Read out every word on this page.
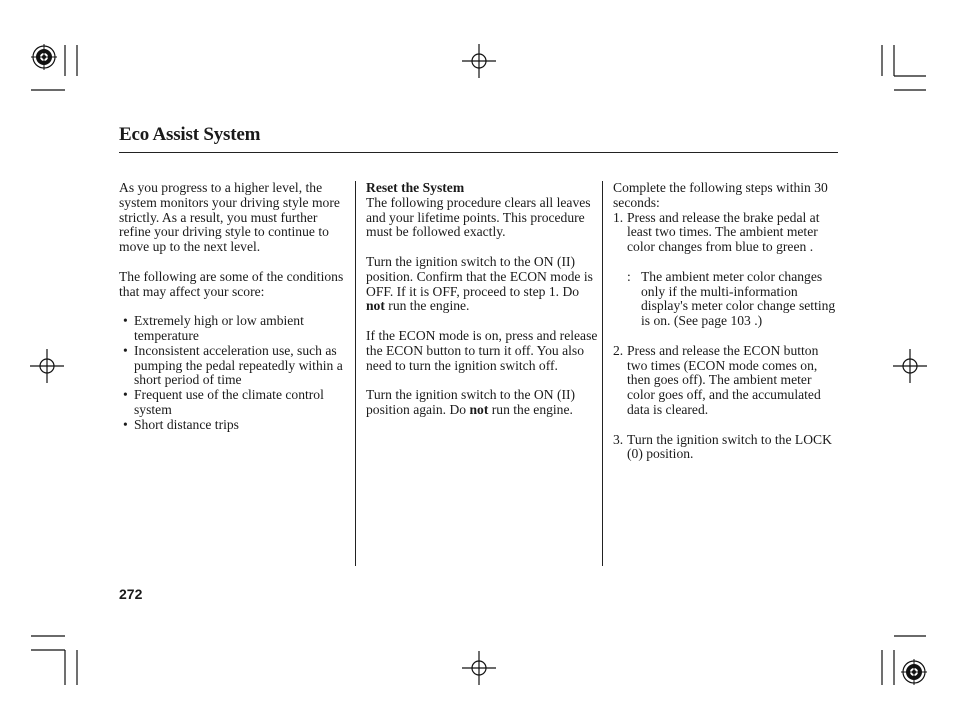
Eco Assist System

As you progress to a higher level, the system monitors your driving style more strictly. As a result, you must further refine your driving style to continue to move up to the next level.

The following are some of the conditions that may affect your score:

• Extremely high or low ambient temperature
• Inconsistent acceleration use, such as pumping the pedal repeatedly within a short period of time
• Frequent use of the climate control system
• Short distance trips

Reset the System
The following procedure clears all leaves and your lifetime points. This procedure must be followed exactly.

Turn the ignition switch to the ON (II) position. Confirm that the ECON mode is OFF. If it is OFF, proceed to step 1. Do not run the engine.

If the ECON mode is on, press and release the ECON button to turn it off. You also need to turn the ignition switch off.

Turn the ignition switch to the ON (II) position again. Do not run the engine.

Complete the following steps within 30 seconds:
1. Press and release the brake pedal at least two times. The ambient meter color changes from blue to green .
: The ambient meter color changes only if the multi-information display's meter color change setting is on. (See page 103 .)
2. Press and release the ECON button two times (ECON mode comes on, then goes off). The ambient meter color goes off, and the accumulated data is cleared.
3. Turn the ignition switch to the LOCK (0) position.
272
